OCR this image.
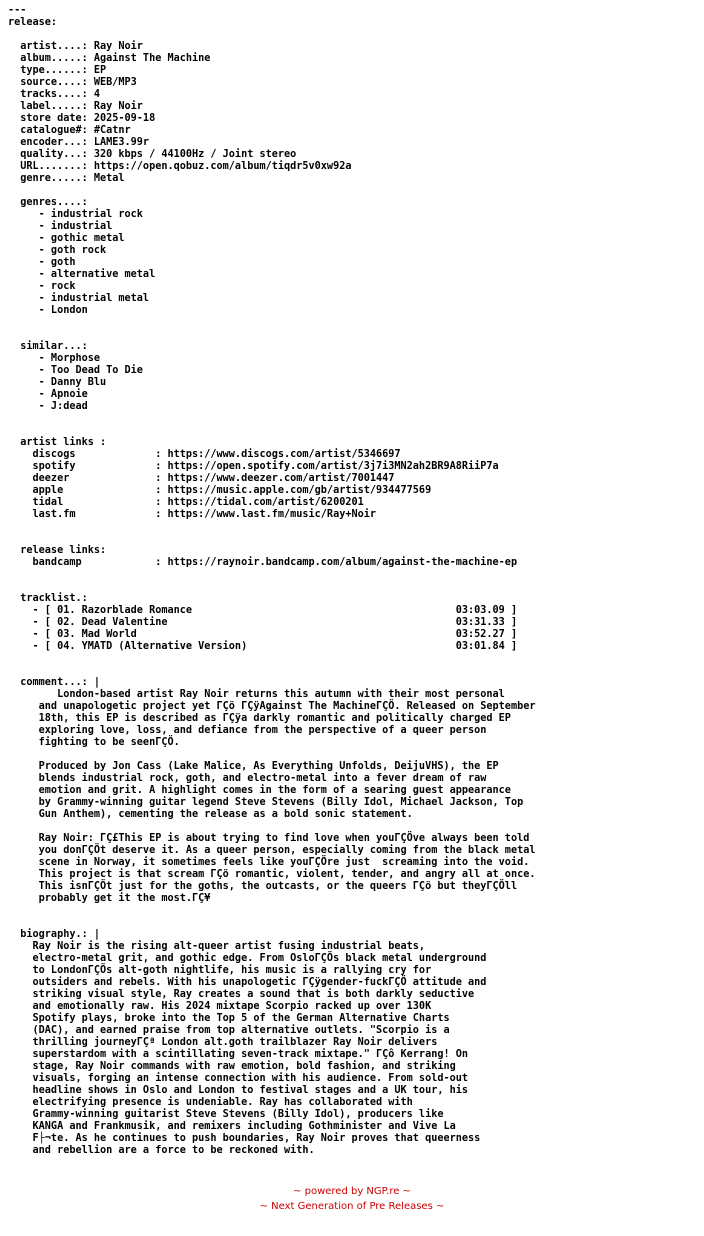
---
release:

artist....: Ray Noir
album.....: Against The Machine
type......: EP
source....: WEB/MP3
tracks....: 4
label.....: Ray Noir
store date: 2025-09-18
catalogue#: #Catnr
encoder...: LAME3.99r
quality...: 320 kbps / 44100Hz / Joint stereo
URL.......: https://open.qobuz.com/album/tiqdr5v0xw92a
genre.....: Metal

genres....:
- industrial rock
- industrial
- gothic metal
- goth rock
- goth
- alternative metal
- rock
- industrial metal
- London

similar...:
- Morphose
- Too Dead To Die
- Danny Blu
- Apnoie
- J:dead

artist links :
discogs             : https://www.discogs.com/artist/5346697
spotify             : https://open.spotify.com/artist/3j7i3MN2ah2BR9A8RiiP7a
deezer              : https://www.deezer.com/artist/7001447
apple               : https://music.apple.com/gb/artist/934477569
tidal               : https://tidal.com/artist/6200201
last.fm             : https://www.last.fm/music/Ray+Noir

release links:
bandcamp            : https://raynoir.bandcamp.com/album/against-the-machine-ep

tracklist.:
- [ 01. Razorblade Romance                                           03:03.09 ]
- [ 02. Dead Valentine                                               03:31.33 ]
- [ 03. Mad World                                                    03:52.27 ]
- [ 04. YMATD (Alternative Version)                                  03:01.84 ]

comment...: |
London-based artist Ray Noir returns this autumn with their most personal
and unapologetic project yet ΓÇö ΓÇÿAgainst The MachineΓÇÖ. Released on September
18th, this EP is described as ΓÇÿa darkly romantic and politically charged EP
exploring love, loss, and defiance from the perspective of a queer person
fighting to be seenΓÇÖ.

Produced by Jon Cass (Lake Malice, As Everything Unfolds, DeijuVHS), the EP
blends industrial rock, goth, and electro-metal into a fever dream of raw
emotion and grit. A highlight comes in the form of a searing guest appearance
by Grammy-winning guitar legend Steve Stevens (Billy Idol, Michael Jackson, Top
Gun Anthem), cementing the release as a bold sonic statement.

Ray Noir: ΓÇ£This EP is about trying to find love when youΓÇÖve always been told
you donΓÇÖt deserve it. As a queer person, especially coming from the black metal
scene in Norway, it sometimes feels like youΓÇÖre just  screaming into the void.
This project is that scream ΓÇö romantic, violent, tender, and angry all at once.
This isnΓÇÖt just for the goths, the outcasts, or the queers ΓÇö but theyΓÇÖll
probably get it the most.ΓÇ¥

biography.: |
Ray Noir is the rising alt-queer artist fusing industrial beats,
electro-metal grit, and gothic edge. From OsloΓÇÖs black metal underground
to LondonΓÇÖs alt-goth nightlife, his music is a rallying cry for
outsiders and rebels. With his unapologetic ΓÇÿgender-fuckΓÇÖ attitude and
striking visual style, Ray creates a sound that is both darkly seductive
and emotionally raw. His 2024 mixtape Scorpio racked up over 130K
Spotify plays, broke into the Top 5 of the German Alternative Charts
(DAC), and earned praise from top alternative outlets. "Scorpio is a
thrilling journeyΓÇª London alt.goth trailblazer Ray Noir delivers
superstardom with a scintillating seven-track mixtape." ΓÇô Kerrang! On
stage, Ray Noir commands with raw emotion, bold fashion, and striking
visuals, forging an intense connection with his audience. From sold-out
headline shows in Oslo and London to festival stages and a UK tour, his
electrifying presence is undeniable. Ray has collaborated with
Grammy-winning guitarist Steve Stevens (Billy Idol), producers like
KANGA and Frankmusik, and remixers including Gothminister and Vive La
F├¬te. As he continues to push boundaries, Ray Noir proves that queerness
and rebellion are a force to be reckoned with.
~ powered by NGP.re ~
~ Next Generation of Pre Releases ~
